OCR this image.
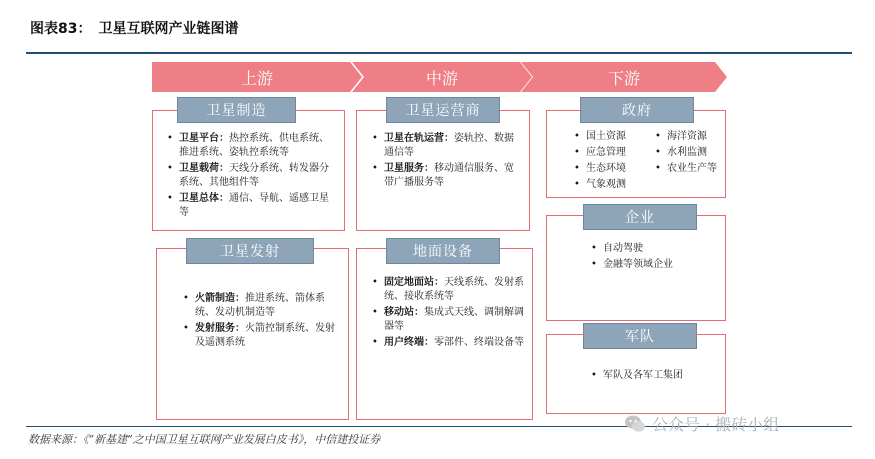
图表83：　卫星互联网产业链图谱
上游	中游	下游
卫星制造
• 卫星平台：热控系统、供电系统、推进系统、姿轨控系统等
• 卫星载荷：天线分系统、转发器分系统、其他组件等
• 卫星总体：通信、导航、遥感卫星等
卫星发射
• 火箭制造：推进系统、箭体系统、发动机制造等
• 发射服务：火箭控制系统、发射及遥测系统
卫星运营商
• 卫星在轨运营：姿轨控、数据通信等
• 卫星服务：移动通信服务、宽带广播服务等
地面设备
• 固定地面站：天线系统、发射系统、接收系统等
• 移动站：集成式天线、调制解调器等
• 用户终端：零部件、终端设备等
政府
• 国土资源
• 应急管理
• 生态环境
• 气象观测
• 海洋资源
• 水利监测
• 农业生产等
企业
• 自动驾驶
• 金融等领域企业
军队
• 军队及各军工集团
数据来源：《“新基建”之中国卫星互联网产业发展白皮书》，中信建投证券
公众号 · 搬砖小组
